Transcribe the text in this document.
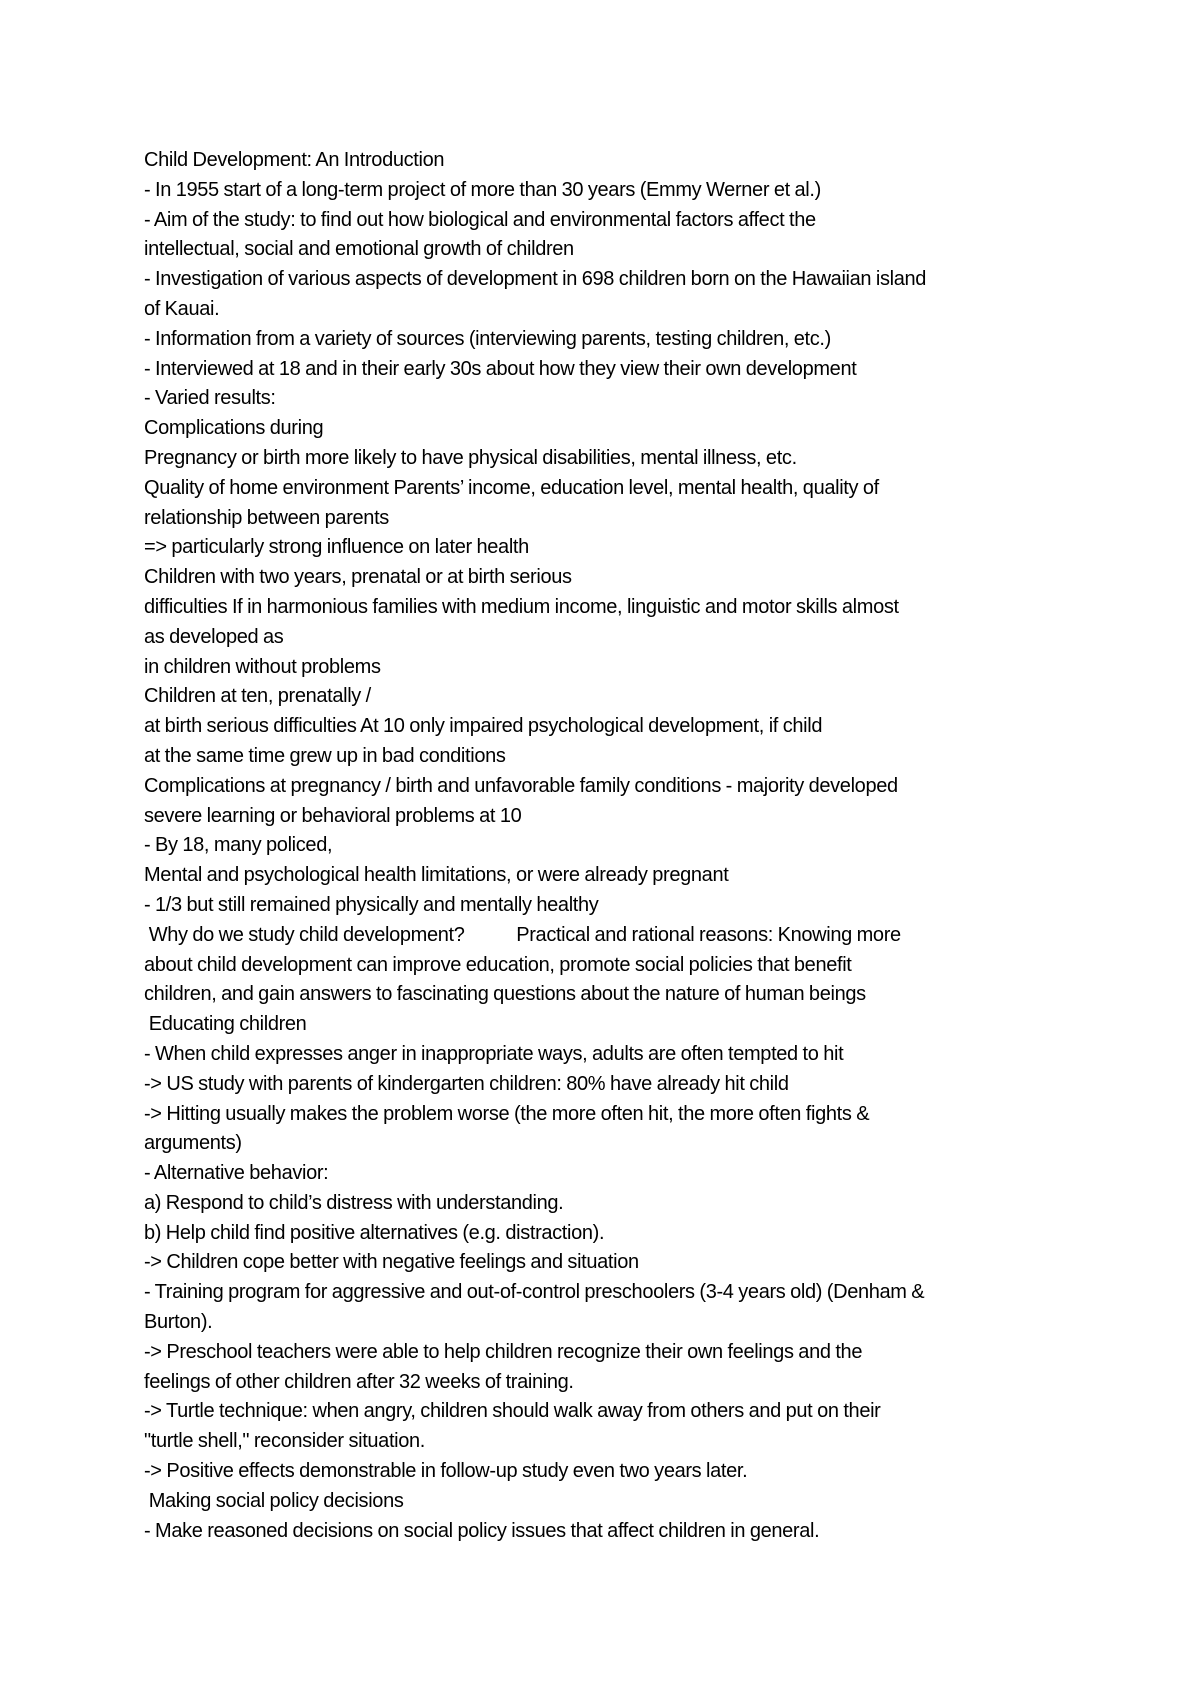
Child Development: An Introduction
- In 1955 start of a long-term project of more than 30 years (Emmy Werner et al.)
- Aim of the study: to find out how biological and environmental factors affect the
intellectual, social and emotional growth of children
- Investigation of various aspects of development in 698 children born on the Hawaiian island
of Kauai.
- Information from a variety of sources (interviewing parents, testing children, etc.)
- Interviewed at 18 and in their early 30s about how they view their own development
- Varied results:
Complications during
Pregnancy or birth more likely to have physical disabilities, mental illness, etc.
Quality of home environment Parents’ income, education level, mental health, quality of
relationship between parents
=> particularly strong influence on later health
Children with two years, prenatal or at birth serious
difficulties If in harmonious families with medium income, linguistic and motor skills almost
as developed as
in children without problems
Children at ten, prenatally /
at birth serious difficulties At 10 only impaired psychological development, if child
at the same time grew up in bad conditions
Complications at pregnancy / birth and unfavorable family conditions - majority developed
severe learning or behavioral problems at 10
- By 18, many policed,
Mental and psychological health limitations, or were already pregnant
- 1/3 but still remained physically and mentally healthy
Why do we study child development?           Practical and rational reasons: Knowing more
about child development can improve education, promote social policies that benefit
children, and gain answers to fascinating questions about the nature of human beings
Educating children
- When child expresses anger in inappropriate ways, adults are often tempted to hit
-> US study with parents of kindergarten children: 80% have already hit child
-> Hitting usually makes the problem worse (the more often hit, the more often fights &
arguments)
- Alternative behavior:
a) Respond to child’s distress with understanding.
b) Help child find positive alternatives (e.g. distraction).
-> Children cope better with negative feelings and situation
- Training program for aggressive and out-of-control preschoolers (3-4 years old) (Denham &
Burton).
-> Preschool teachers were able to help children recognize their own feelings and the
feelings of other children after 32 weeks of training.
-> Turtle technique: when angry, children should walk away from others and put on their
"turtle shell," reconsider situation.
-> Positive effects demonstrable in follow-up study even two years later.
Making social policy decisions
- Make reasoned decisions on social policy issues that affect children in general.
